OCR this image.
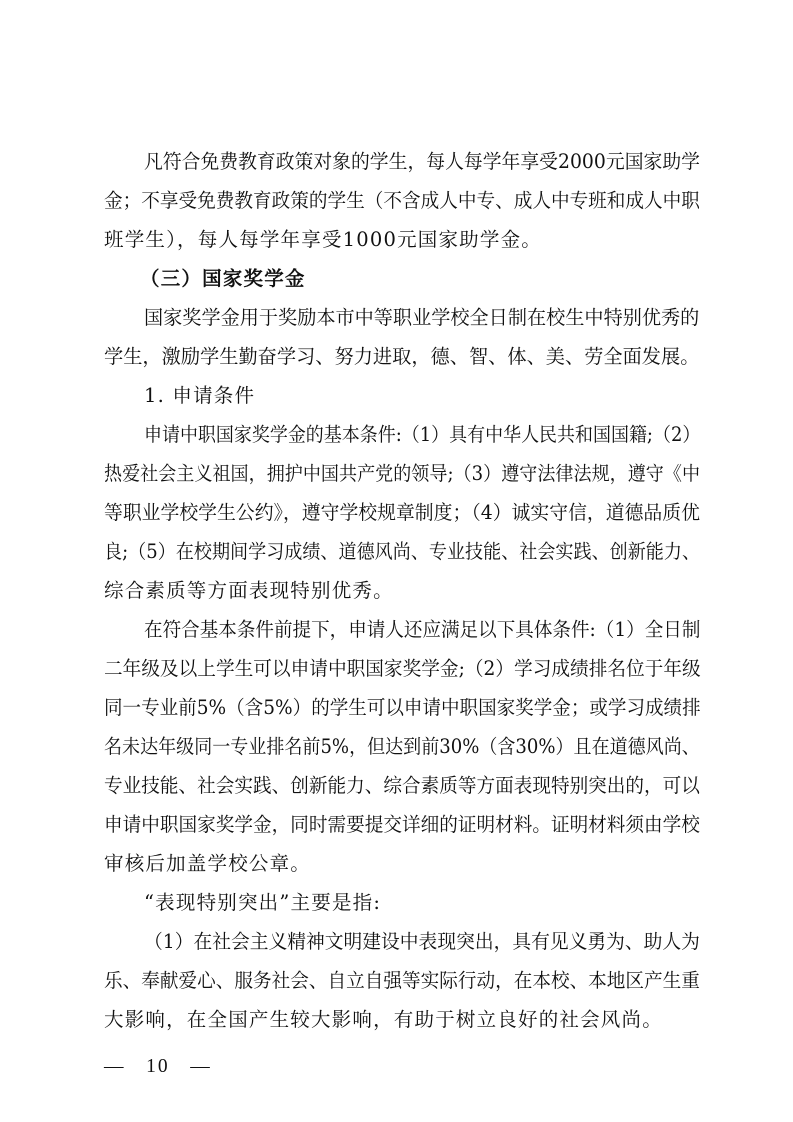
凡符合免费教育政策对象的学生，每人每学年享受2000元国家助学
金；不享受免费教育政策的学生（不含成人中专、成人中专班和成人中职
班学生），每人每学年享受1000元国家助学金。
（三）国家奖学金
国家奖学金用于奖励本市中等职业学校全日制在校生中特别优秀的
学生，激励学生勤奋学习、努力进取，德、智、体、美、劳全面发展。
1. 申请条件
申请中职国家奖学金的基本条件:（1）具有中华人民共和国国籍;（2）
热爱社会主义祖国，拥护中国共产党的领导;（3）遵守法律法规，遵守《中
等职业学校学生公约》，遵守学校规章制度；（4）诚实守信，道德品质优
良;（5）在校期间学习成绩、道德风尚、专业技能、社会实践、创新能力、
综合素质等方面表现特别优秀。
在符合基本条件前提下，申请人还应满足以下具体条件:（1）全日制
二年级及以上学生可以申请中职国家奖学金;（2）学习成绩排名位于年级
同一专业前5%（含5%）的学生可以申请中职国家奖学金；或学习成绩排
名未达年级同一专业排名前5%，但达到前30%（含30%）且在道德风尚、
专业技能、社会实践、创新能力、综合素质等方面表现特别突出的，可以
申请中职国家奖学金，同时需要提交详细的证明材料。证明材料须由学校
审核后加盖学校公章。
“表现特别突出”主要是指:
（1）在社会主义精神文明建设中表现突出，具有见义勇为、助人为
乐、奉献爱心、服务社会、自立自强等实际行动，在本校、本地区产生重
大影响，在全国产生较大影响，有助于树立良好的社会风尚。
—   10   —
